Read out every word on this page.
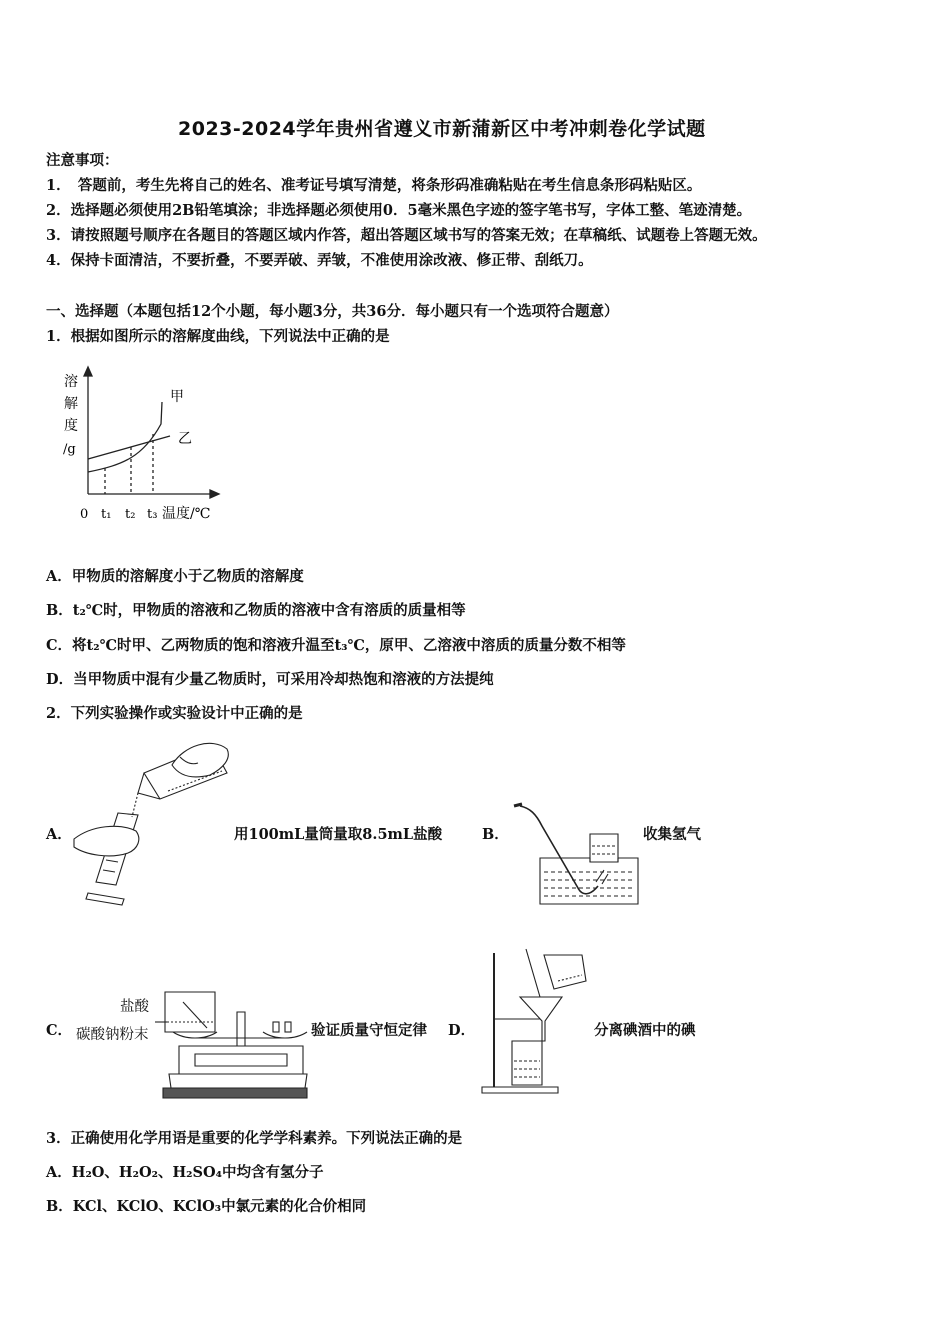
2023-2024学年贵州省遵义市新蒲新区中考冲刺卷化学试题
注意事项：
1．　答题前，考生先将自己的姓名、准考证号填写清楚，将条形码准确粘贴在考生信息条形码粘贴区。
2．选择题必须使用2B铅笔填涂；非选择题必须使用0．5毫米黑色字迹的签字笔书写，字体工整、笔迹清楚。
3．请按照题号顺序在各题目的答题区域内作答，超出答题区域书写的答案无效；在草稿纸、试题卷上答题无效。
4．保持卡面清洁，不要折叠，不要弄破、弄皱，不准使用涂改液、修正带、刮纸刀。
一、选择题（本题包括12个小题，每小题3分，共36分．每小题只有一个选项符合题意）
1．根据如图所示的溶解度曲线，下列说法中正确的是
溶
解
度
/g
甲
乙
0 t₁ t₂ t₃ 温度/℃
A．甲物质的溶解度小于乙物质的溶解度
B．t₂℃时，甲物质的溶液和乙物质的溶液中含有溶质的质量相等
C．将t₂℃时甲、乙两物质的饱和溶液升温至t₃℃，原甲、乙溶液中溶质的质量分数不相等
D．当甲物质中混有少量乙物质时，可采用冷却热饱和溶液的方法提纯
2．下列实验操作或实验设计中正确的是
A．	用100mL量筒量取8.5mL盐酸	B．	收集氢气
C．
盐酸
碳酸钠粉末	验证质量守恒定律 D．	分离碘酒中的碘
3．正确使用化学用语是重要的化学学科素养。下列说法正确的是
A．H₂O、H₂O₂、H₂SO₄中均含有氢分子
B．KCl、KClO、KClO₃中氯元素的化合价相同
